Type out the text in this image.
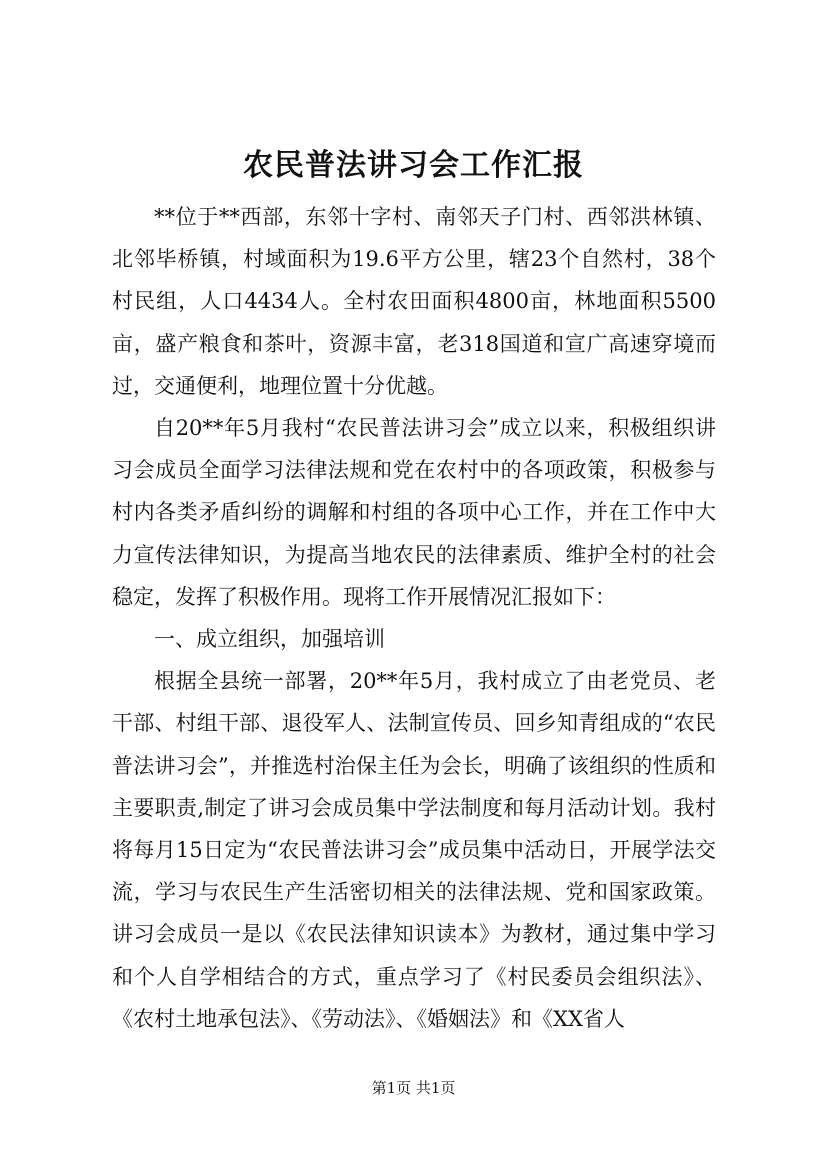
农民普法讲习会工作汇报

**位于**西部，东邻十字村、南邻天子门村、西邻洪林镇、北邻毕桥镇，村域面积为19.6平方公里，辖23个自然村，38个村民组，人口4434人。全村农田面积4800亩，林地面积5500亩，盛产粮食和茶叶，资源丰富，老318国道和宣广高速穿境而过，交通便利，地理位置十分优越。

自20**年5月我村“农民普法讲习会”成立以来，积极组织讲习会成员全面学习法律法规和党在农村中的各项政策，积极参与村内各类矛盾纠纷的调解和村组的各项中心工作，并在工作中大力宣传法律知识，为提高当地农民的法律素质、维护全村的社会稳定，发挥了积极作用。现将工作开展情况汇报如下：

一、成立组织，加强培训

根据全县统一部署，20**年5月，我村成立了由老党员、老干部、村组干部、退役军人、法制宣传员、回乡知青组成的“农民普法讲习会”，并推选村治保主任为会长，明确了该组织的性质和主要职责,制定了讲习会成员集中学法制度和每月活动计划。我村将每月15日定为“农民普法讲习会”成员集中活动日，开展学法交流，学习与农民生产生活密切相关的法律法规、党和国家政策。讲习会成员一是以《农民法律知识读本》为教材，通过集中学习和个人自学相结合的方式，重点学习了《村民委员会组织法》、《农村土地承包法》、《劳动法》、《婚姻法》和《XX省人

第1页 共1页
